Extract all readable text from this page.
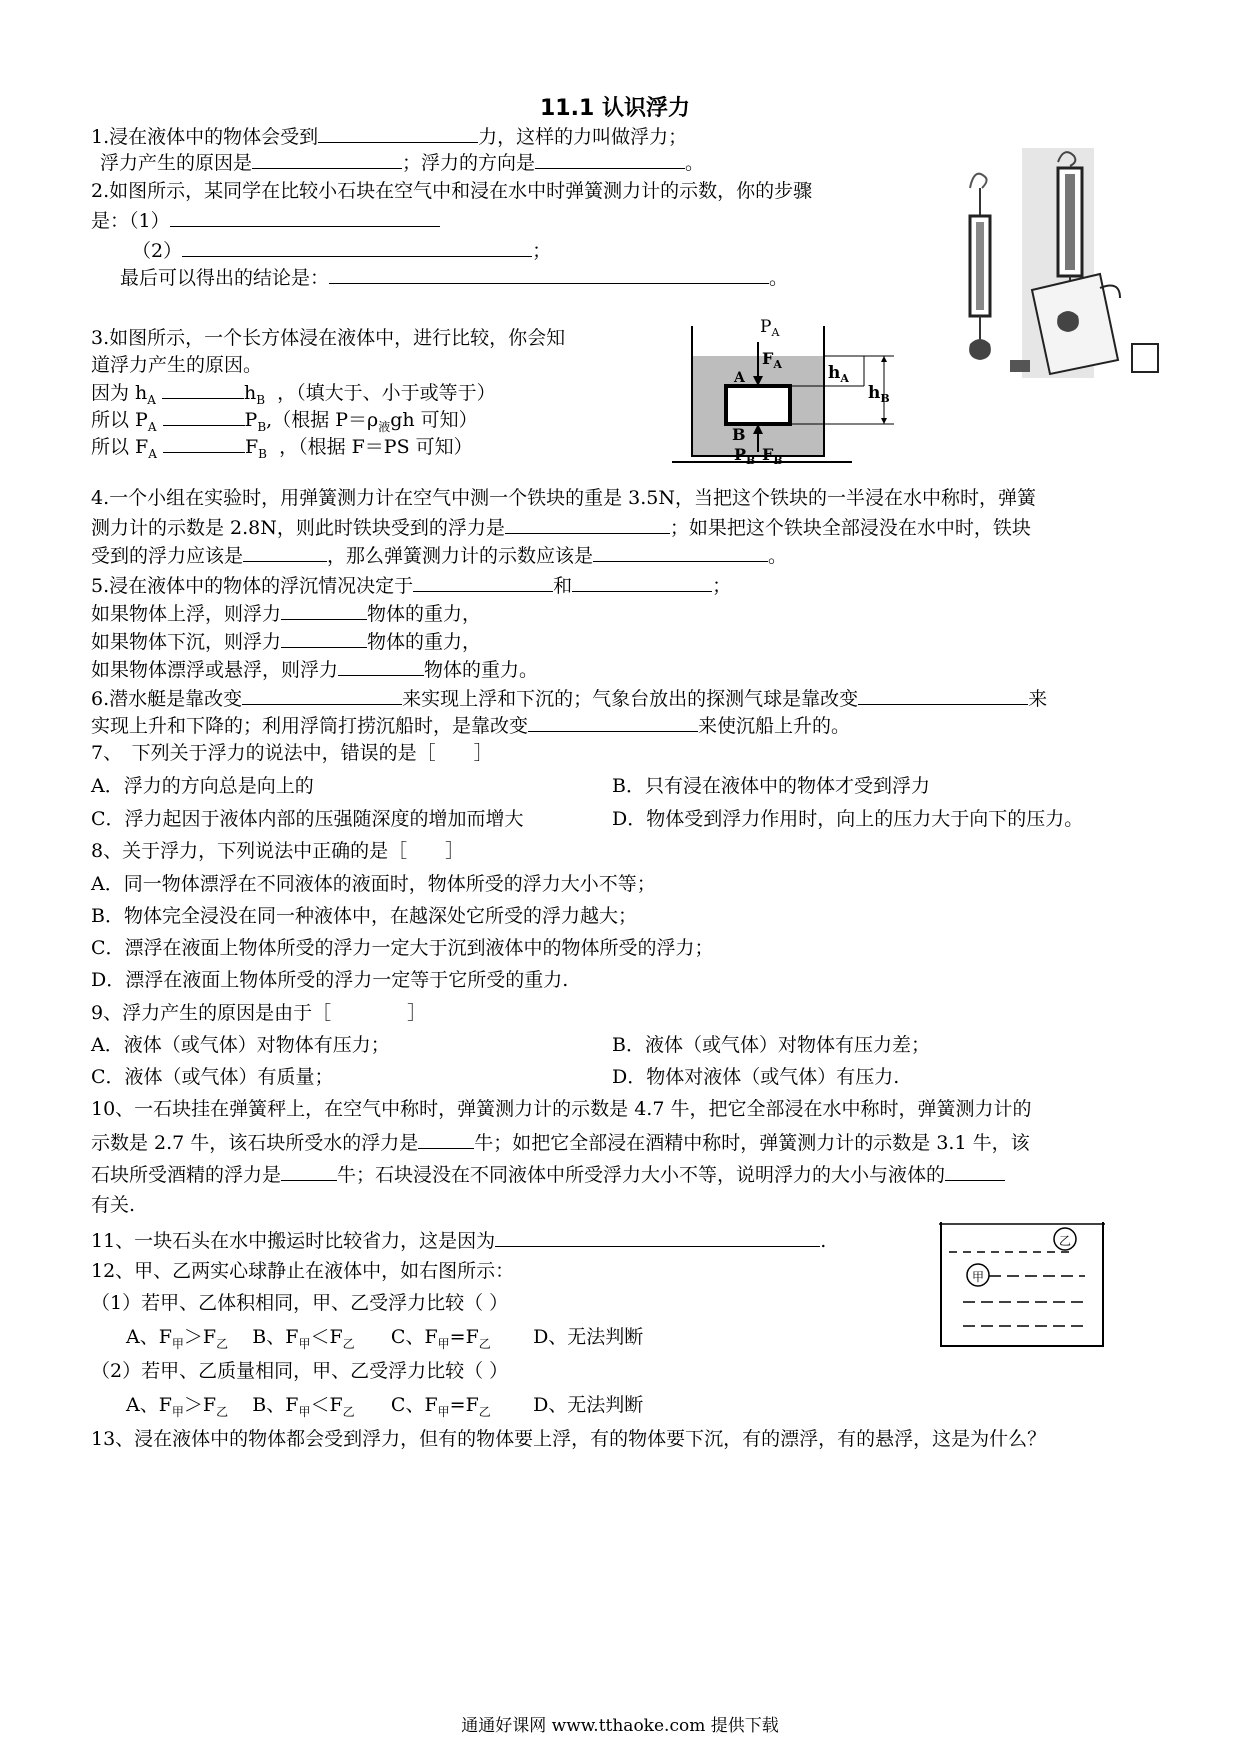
11.1 认识浮力
1.浸在液体中的物体会受到	力，这样的力叫做浮力；
浮力产生的原因是	；浮力的方向是	。
2.如图所示，某同学在比较小石块在空气中和浸在水中时弹簧测力计的示数，你的步骤
是：（1）
（2）	；
最后可以得出的结论是：	。
3.如图所示，一个长方体浸在液体中，进行比较，你会知
道浮力产生的原因。
因为 $h_A$	$h_B$ ，（填大于、小于或等于）
所以 $P_A$	$P_B$,（根据 $P=\rho_液gh$ 可知）
所以 $F_A$	$F_B$ ，（根据 F＝PS 可知）
$P_A$
$F_A$
A
B
$P_B$ $F_B$
$h_A$
$h_B$
4.一个小组在实验时，用弹簧测力计在空气中测一个铁块的重是 3.5N，当把这个铁块的一半浸在水中称时，弹簧
测力计的示数是 2.8N，则此时铁块受到的浮力是	；如果把这个铁块全部浸没在水中时，铁块
受到的浮力应该是	，那么弹簧测力计的示数应该是	。
5.浸在液体中的物体的浮沉情况决定于	和	；
如果物体上浮，则浮力	物体的重力，
如果物体下沉，则浮力	物体的重力，
如果物体漂浮或悬浮，则浮力	物体的重力。
6.潜水艇是靠改变	来实现上浮和下沉的；气象台放出的探测气球是靠改变	来
实现上升和下降的；利用浮筒打捞沉船时，是靠改变	来使沉船上升的。
7、　下列关于浮力的说法中，错误的是［　　］
A．浮力的方向总是向上的	B．只有浸在液体中的物体才受到浮力
C．浮力起因于液体内部的压强随深度的增加而增大	D．物体受到浮力作用时，向上的压力大于向下的压力。
8、关于浮力，下列说法中正确的是［　　］
A．同一物体漂浮在不同液体的液面时，物体所受的浮力大小不等；
B．物体完全浸没在同一种液体中，在越深处它所受的浮力越大；
C．漂浮在液面上物体所受的浮力一定大于沉到液体中的物体所受的浮力；
D．漂浮在液面上物体所受的浮力一定等于它所受的重力.
9、浮力产生的原因是由于［　　　　］
A．液体（或气体）对物体有压力；	B．液体（或气体）对物体有压力差；
C．液体（或气体）有质量；	D．物体对液体（或气体）有压力.
10、一石块挂在弹簧秤上，在空气中称时，弹簧测力计的示数是 4.7 牛，把它全部浸在水中称时，弹簧测力计的
示数是 2.7 牛，该石块所受水的浮力是	牛；如把它全部浸在酒精中称时，弹簧测力计的示数是 3.1 牛，该
石块所受酒精的浮力是	牛；石块浸没在不同液体中所受浮力大小不等，说明浮力的大小与液体的
有关.
11、一块石头在水中搬运时比较省力，这是因为	.	乙
甲
12、甲、乙两实心球静止在液体中，如右图所示：
（1）若甲、乙体积相同，甲、乙受浮力比较（ ）
A、$F_甲>F_乙$ B、$F_甲<F_乙$ C、$F_甲=F_乙$ D、无法判断
（2）若甲、乙质量相同，甲、乙受浮力比较（ ）
A、$F_甲>F_乙$ B、$F_甲<F_乙$ C、$F_甲=F_乙$ D、无法判断
13、浸在液体中的物体都会受到浮力，但有的物体要上浮，有的物体要下沉，有的漂浮，有的悬浮，这是为什么？
通通好课网 www.tthaoke.com 提供下载
